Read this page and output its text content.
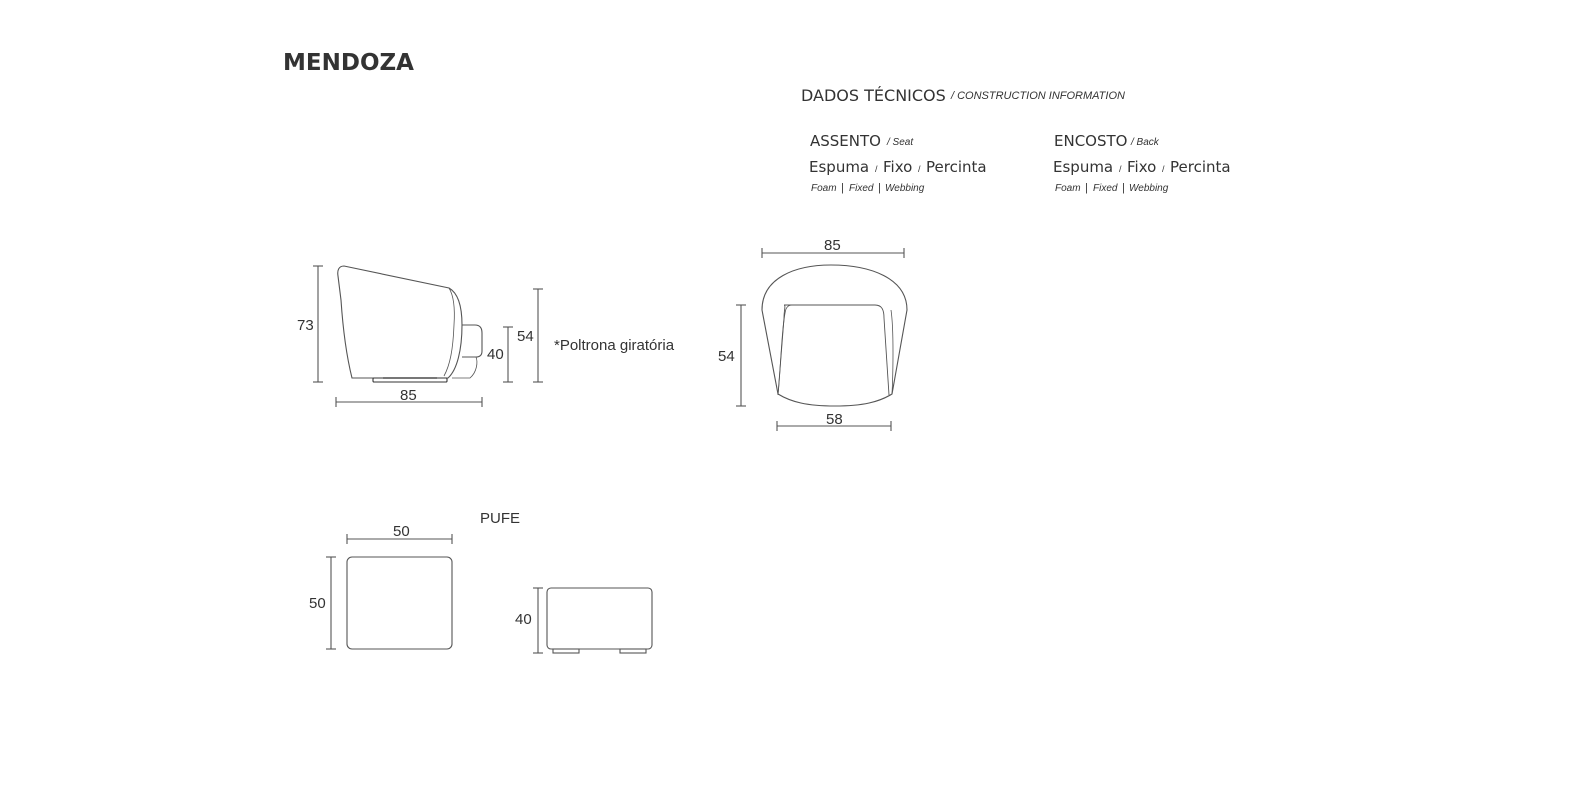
MENDOZA
DADOS TÉCNICOS / CONSTRUCTION INFORMATION
ASSENTO / Seat
Espuma / Fixo / Percinta
Foam | Fixed | Webbing
ENCOSTO / Back
Espuma / Fixo / Percinta
Foam | Fixed | Webbing
73
85
40
54
*Poltrona giratória
85
54
58
PUFE
50
50
40
